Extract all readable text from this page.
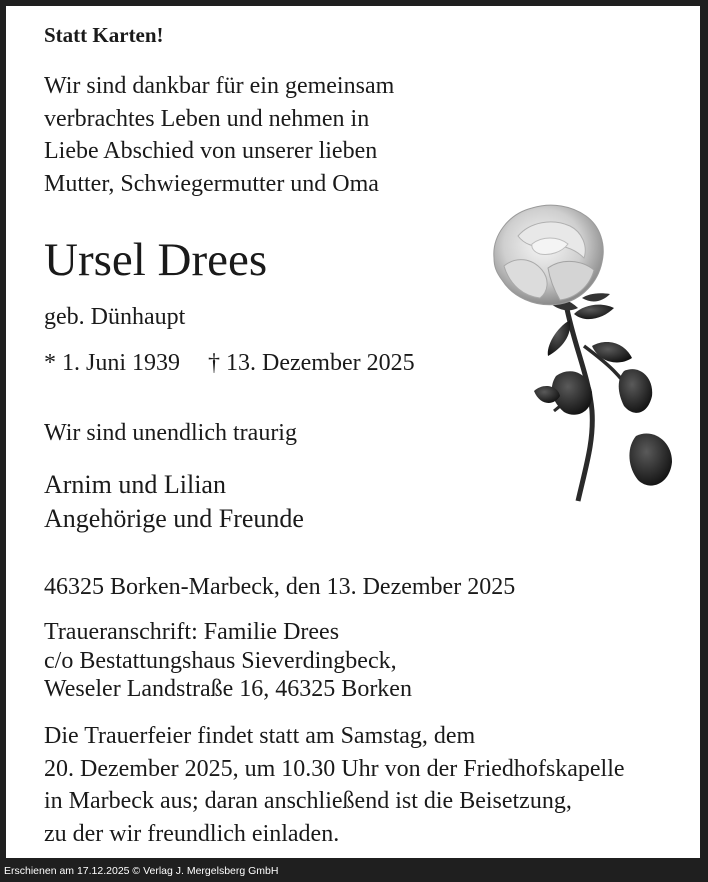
Statt Karten!
Wir sind dankbar für ein gemeinsam
verbrachtes Leben und nehmen in
Liebe Abschied von unserer lieben
Mutter, Schwiegermutter und Oma
Ursel Drees
geb. Dünhaupt
* 1. Juni 1939 † 13. Dezember 2025
Wir sind unendlich traurig
Arnim und Lilian
Angehörige und Freunde
46325 Borken-Marbeck, den 13. Dezember 2025
Traueranschrift: Familie Drees
c/o Bestattungshaus Sieverdingbeck,
Weseler Landstraße 16, 46325 Borken
Die Trauerfeier findet statt am Samstag, dem
20. Dezember 2025, um 10.30 Uhr von der Friedhofskapelle
in Marbeck aus; daran anschließend ist die Beisetzung,
zu der wir freundlich einladen.
Erschienen am 17.12.2025 © Verlag J. Mergelsberg GmbH
